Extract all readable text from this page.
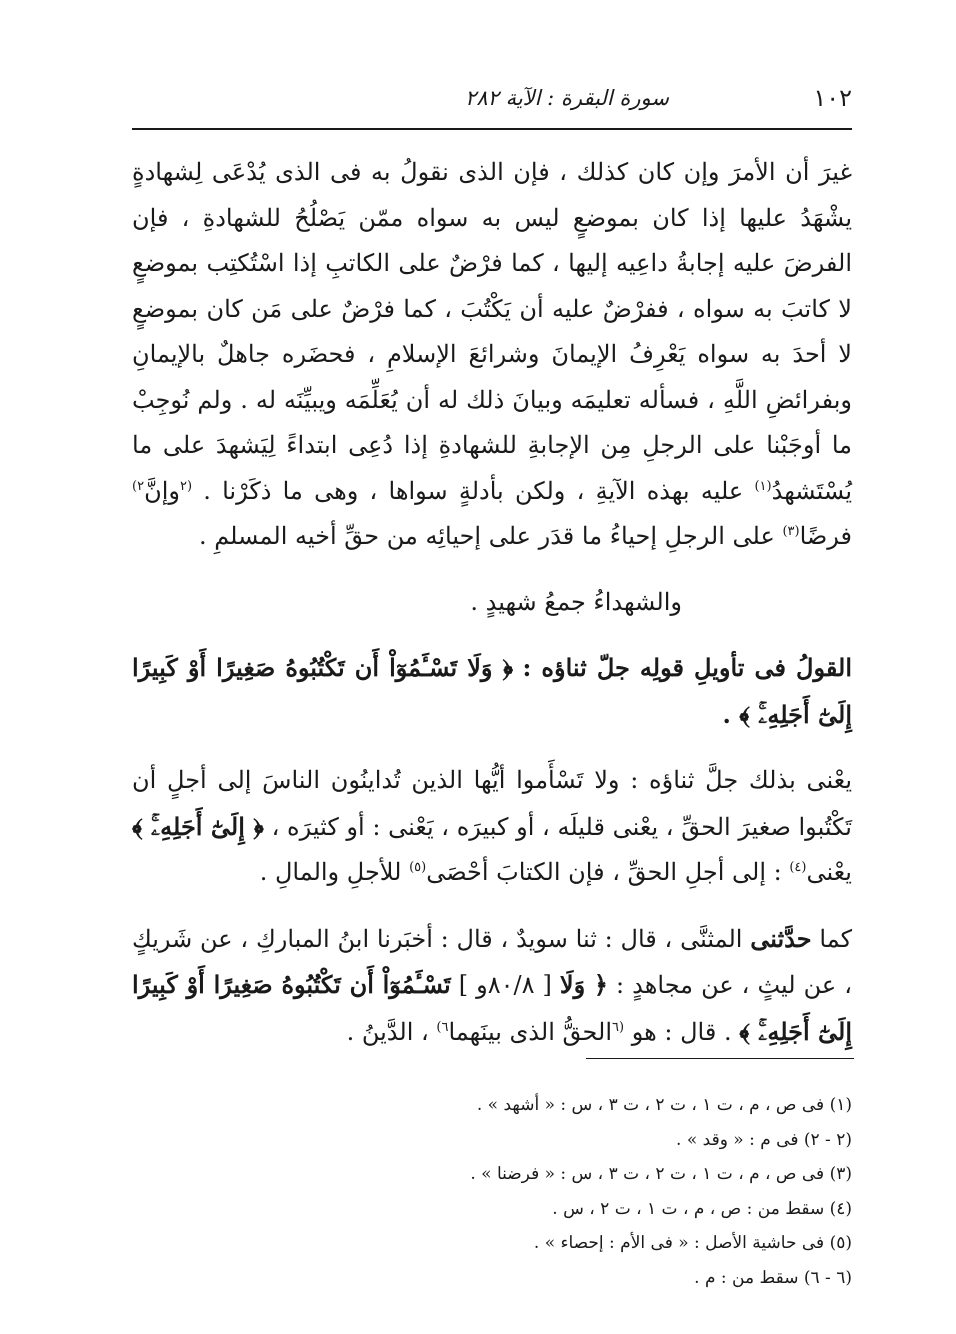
١٠٢
سورة البقرة : الآية ٢٨٢

غيرَ أن الأمرَ وإن كان كذلك ، فإن الذى نقولُ به فى الذى يُدْعَى لِشهادةٍ يشْهَدُ عليها إذا كان بموضعٍ ليس به سواه ممّن يَصْلُحُ للشهادةِ ، فإن الفرضَ عليه إجابةُ داعِيه إليها ، كما فرْضٌ على الكاتبِ إذا اسْتُكتِب بموضعٍ لا كاتبَ به سواه ، ففرْضٌ عليه أن يَكْتُبَ ، كما فرْضٌ على مَن كان بموضعٍ لا أحدَ به سواه يَعْرِفُ الإيمانَ وشرائعَ الإسلامِ ، فحضَره جاهلٌ بالإيمانِ وبفرائضِ اللَّهِ ، فسأله تعليمَه وبيانَ ذلك له أن يُعَلِّمَه ويبيِّنَه له . ولم نُوجِبْ ما أوجَبْنا على الرجلِ مِن الإجابةِ للشهادةِ إذا دُعِى ابتداءً لِيَشهدَ على ما يُسْتَشهدُ$^{(١)}$ عليه بهذه الآيةِ ، ولكن بأدلةٍ سواها ، وهى ما ذكَرْنا . $^{(٢}$وإنَّ$^{٢)}$ فرضًا$^{(٣)}$ على الرجلِ إحياءُ ما قدَر على إحيائِه من حقِّ أخيه المسلمِ .

والشهداءُ جمعُ شهيدٍ .

القولُ فى تأويلِ قولِه جلّ ثناؤه : ﴿ وَلَا تَسْـَٔمُوٓاْ أَن تَكْتُبُوهُ صَغِيرًا أَوْ كَبِيرًا إِلَىٰٓ أَجَلِهِۦۚ ﴾ .

يعْنى بذلك جلَّ ثناؤه : ولا تَسْأَموا أيُّها الذين تُداينُون الناسَ إلى أجلٍ أن تَكْتُبوا صغيرَ الحقِّ ، يعْنى قليلَه ، أو كبيرَه ، يَعْنى : أو كثيرَه ، ﴿ إِلَىٰٓ أَجَلِهِۦۚ ﴾ يعْنى$^{(٤)}$ : إلى أجلِ الحقِّ ، فإن الكتابَ أحْصَى$^{(٥)}$ للأجلِ والمالِ .

كما حدَّثنى المثنَّى ، قال : ثنا سويدٌ ، قال : أخبَرنا ابنُ المباركِ ، عن شَريكٍ ، عن ليثٍ ، عن مجاهدٍ : ﴿ وَلَا [ ٨٠/٨و ] تَسْـَٔمُوٓاْ أَن تَكْتُبُوهُ صَغِيرًا أَوْ كَبِيرًا إِلَىٰٓ أَجَلِهِۦۚ ﴾ . قال : هو $^{(٦}$الحقُّ الذى بينَهما$^{٦)}$ ، الدَّينُ .

(١) فى ص ، م ، ت ١ ، ت ٢ ، ت ٣ ، س : « أشهد » .
(٢ - ٢) فى م : « وقد » .
(٣) فى ص ، م ، ت ١ ، ت ٢ ، ت ٣ ، س : « فرضنا » .
(٤) سقط من : ص ، م ، ت ١ ، ت ٢ ، س .
(٥) فى حاشية الأصل : « فى الأم : إحصاء » .
(٦ - ٦) سقط من : م .
